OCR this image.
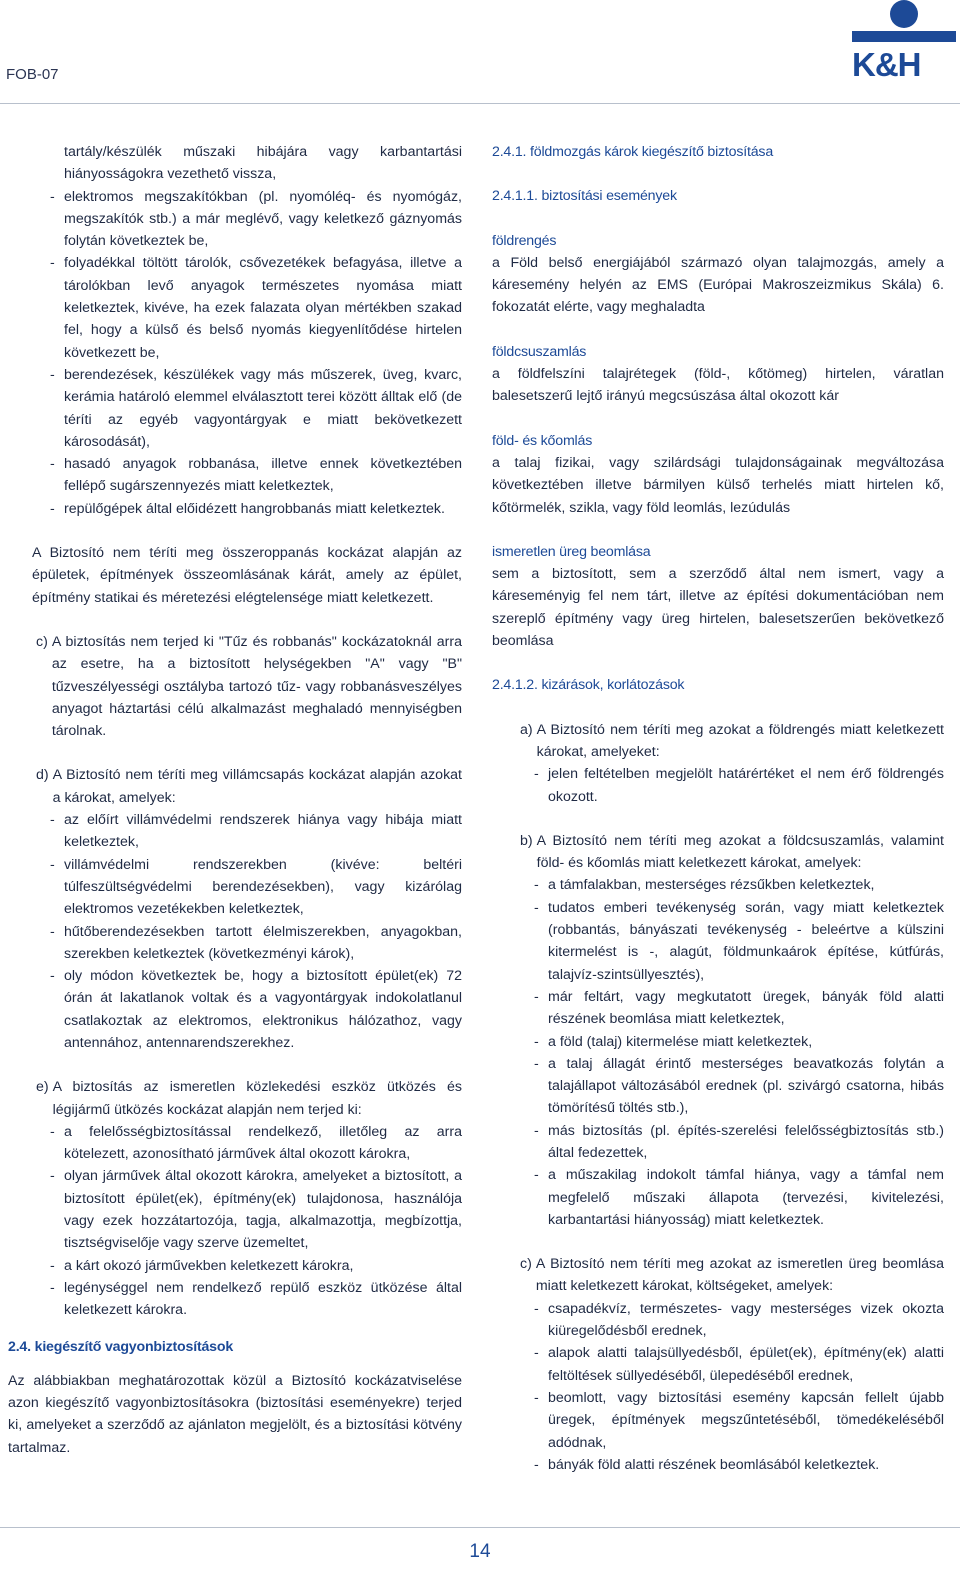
FOB-07	K&H

tartály/készülék műszaki hibájára vagy karbantartási hiányosságokra vezethető vissza,

- elektromos megszakítókban (pl. nyomóléq- és nyomógáz, megszakítók stb.) a már meglévő, vagy keletkező gáznyomás folytán következtek be,
- folyadékkal töltött tárolók, csővezetékek befagyása, illetve a tárolókban levő anyagok természetes nyomása miatt keletkeztek, kivéve, ha ezek falazata olyan mértékben szakad fel, hogy a külső és belső nyomás kiegyenlítődése hirtelen következett be,
- berendezések, készülékek vagy más műszerek, üveg, kvarc, kerámia határoló elemmel elválasztott terei között álltak elő (de téríti az egyéb vagyontárgyak e miatt bekövetkezett károsodását),
- hasadó anyagok robbanása, illetve ennek következtében fellépő sugárszennyezés miatt keletkeztek,
- repülőgépek által előidézett hangrobbanás miatt keletkeztek.

A Biztosító nem téríti meg összeroppanás kockázat alapján az épületek, építmények összeomlásának kárát, amely az épület, építmény statikai és méretezési elégtelensége miatt keletkezett.

c) A biztosítás nem terjed ki "Tűz és robbanás" kockázatoknál arra az esetre, ha a biztosított helységekben "A" vagy "B" tűzveszélyességi osztályba tartozó tűz- vagy robbanásveszélyes anyagot háztartási célú alkalmazást meghaladó mennyiségben tárolnak.
d) A Biztosító nem téríti meg villámcsapás kockázat alapján azokat a károkat, amelyek:
- az előírt villámvédelmi rendszerek hiánya vagy hibája miatt keletkeztek,
- villámvédelmi rendszerekben (kivéve: beltéri túlfeszültségvédelmi berendezésekben), vagy kizárólag elektromos vezetékekben keletkeztek,
- hűtőberendezésekben tartott élelmiszerekben, anyagokban, szerekben keletkeztek (következményi károk),
- oly módon következtek be, hogy a biztosított épület(ek) 72 órán át lakatlanok voltak és a vagyontárgyak indokolatlanul csatlakoztak az elektromos, elektronikus hálózathoz, vagy antennához, antennarendszerekhez.
e) A biztosítás az ismeretlen közlekedési eszköz ütközés és légijármű ütközés kockázat alapján nem terjed ki:
- a felelősségbiztosítással rendelkező, illetőleg az arra kötelezett, azonosítható járművek által okozott károkra,
- olyan járművek által okozott károkra, amelyeket a biztosított, a biztosított épület(ek), építmény(ek) tulajdonosa, használója vagy ezek hozzátartozója, tagja, alkalmazottja, megbízottja, tisztségviselője vagy szerve üzemeltet,
- a kárt okozó járművekben keletkezett károkra,
- legénységgel nem rendelkező repülő eszköz ütközése által keletkezett károkra.
2.4. kiegészítő vagyonbiztosítások

Az alábbiakban meghatározottak közül a Biztosító kockázatviselése azon kiegészítő vagyonbiztosításokra (biztosítási eseményekre) terjed ki, amelyeket a szerződő az ajánlaton megjelölt, és a biztosítási kötvény tartalmaz.

2.4.1. földmozgás károk kiegészítő biztosítása
2.4.1.1. biztosítási események
földrengés

a Föld belső energiájából származó olyan talajmozgás, amely a káresemény helyén az EMS (Európai Makroszeizmikus Skála) 6. fokozatát elérte, vagy meghaladta

földcsuszamlás

a földfelszíni talajrétegek (föld-, kőtömeg) hirtelen, váratlan balesetszerű lejtő irányú megcsúszása által okozott kár

föld- és kőomlás

a talaj fizikai, vagy szilárdsági tulajdonságainak megváltozása következtében illetve bármilyen külső terhelés miatt hirtelen kő, kőtörmelék, szikla, vagy föld leomlás, lezúdulás

ismeretlen üreg beomlása

sem a biztosított, sem a szerződő által nem ismert, vagy a káreseményig fel nem tárt, illetve az építési dokumentációban nem szereplő építmény vagy üreg hirtelen, balesetszerűen bekövetkező beomlása

2.4.1.2. kizárások, korlátozások
a) A Biztosító nem téríti meg azokat a földrengés miatt keletkezett károkat, amelyeket:
- jelen feltételben megjelölt határértéket el nem érő földrengés okozott.
b) A Biztosító nem téríti meg azokat a földcsuszamlás, valamint föld- és kőomlás miatt keletkezett károkat, amelyek:
- a támfalakban, mesterséges rézsűkben keletkeztek,
- tudatos emberi tevékenység során, vagy miatt keletkeztek (robbantás, bányászati tevékenység - beleértve a külszini kitermelést is -, alagút, földmunkaárok építése, kútfúrás, talajvíz-szintsüllyesztés),
- már feltárt, vagy megkutatott üregek, bányák föld alatti részének beomlása miatt keletkeztek,
- a föld (talaj) kitermelése miatt keletkeztek,
- a talaj állagát érintő mesterséges beavatkozás folytán a talajállapot változásából erednek (pl. szivárgó csatorna, hibás tömörítésű töltés stb.),
- más biztosítás (pl. építés-szerelési felelősségbiztosítás stb.) által fedezettek,
- a műszakilag indokolt támfal hiánya, vagy a támfal nem megfelelő műszaki állapota (tervezési, kivitelezési, karbantartási hiányosság) miatt keletkeztek.
c) A Biztosító nem téríti meg azokat az ismeretlen üreg beomlása miatt keletkezett károkat, költségeket, amelyek:
- csapadékvíz, természetes- vagy mesterséges vizek okozta kiüregelődésből erednek,
- alapok alatti talajsüllyedésből, épület(ek), építmény(ek) alatti feltöltések süllyedéséből, ülepedéséből erednek,
- beomlott, vagy biztosítási esemény kapcsán fellelt újabb üregek, építmények megszűntetéséből, tömedékeléséből adódnak,
- bányák föld alatti részének beomlásából keletkeztek.
14
